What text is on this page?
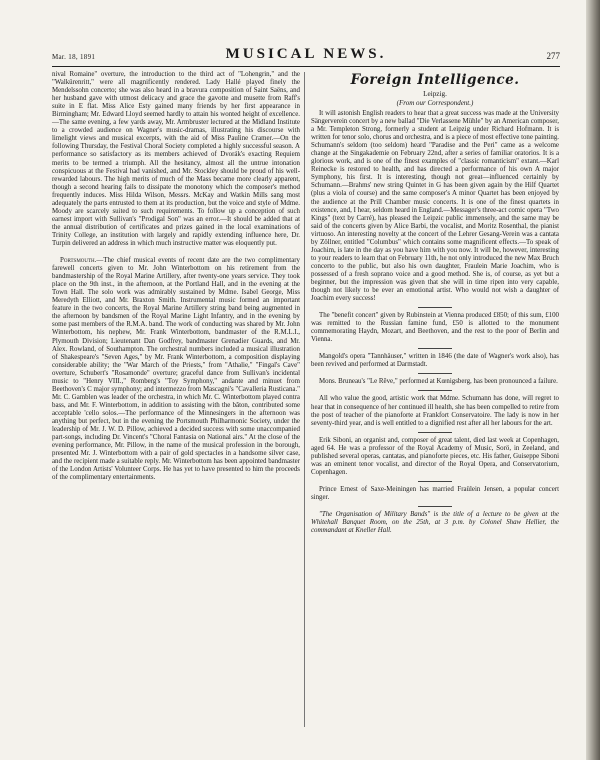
Mar. 18, 1891	MUSICAL NEWS.	277

nival Romaine" overture, the introduction to the third act of "Lohengrin," and the "Walkürenritt," were all magnificently rendered. Lady Hallé played finely the Mendelssohn concerto; she was also heard in a bravura composition of Saint Saëns, and her husband gave with utmost delicacy and grace the gavotte and musette from Raff's suite in E flat. Miss Alice Esty gained many friends by her first appearance in Birmingham; Mr. Edward Lloyd seemed hardly to attain his wonted height of excellence.—The same evening, a few yards away, Mr. Armbruster lectured at the Midland Institute to a crowded audience on Wagner's music-dramas, illustrating his discourse with limelight views and musical excerpts, with the aid of Miss Pauline Cramer.—On the following Thursday, the Festival Choral Society completed a highly successful season. A performance so satisfactory as its members achieved of Dvorák's exacting Requiem merits to be termed a triumph. All the hesitancy, almost all the untrue intonation conspicuous at the Festival had vanished, and Mr. Stockley should be proud of his well-rewarded labours. The high merits of much of the Mass became more clearly apparent, though a second hearing fails to dissipate the monotony which the composer's method frequently induces. Miss Hilda Wilson, Messrs. McKay and Watkin Mills sang most adequately the parts entrusted to them at its production, but the voice and style of Mdme. Moody are scarcely suited to such requirements. To follow up a conception of such earnest import with Sullivan's "Prodigal Son" was an error.—It should be added that at the annual distribution of certificates and prizes gained in the local examinations of Trinity College, an institution with largely and rapidly extending influence here, Dr. Turpin delivered an address in which much instructive matter was eloquently put.

Portsmouth.—The chief musical events of recent date are the two complimentary farewell concerts given to Mr. John Winterbottom on his retirement from the bandmastership of the Royal Marine Artillery, after twenty-one years service. They took place on the 9th inst., in the afternoon, at the Portland Hall, and in the evening at the Town Hall. The solo work was admirably sustained by Mdme. Isabel George, Miss Meredyth Elliott, and Mr. Braxton Smith. Instrumental music formed an important feature in the two concerts, the Royal Marine Artillery string band being augmented in the afternoon by bandsmen of the Royal Marine Light Infantry, and in the evening by some past members of the R.M.A. band. The work of conducting was shared by Mr. John Winterbottom, his nephew, Mr. Frank Winterbottom, bandmaster of the R.M.L.I., Plymouth Division; Lieutenant Dan Godfrey, bandmaster Grenadier Guards, and Mr. Alex. Rowland, of Southampton. The orchestral numbers included a musical illustration of Shakespeare's "Seven Ages," by Mr. Frank Winterbottom, a composition displaying considerable ability; the "War March of the Priests," from "Athalie," "Fingal's Cave" overture, Schubert's "Rosamonde" overture; graceful dance from Sullivan's incidental music to "Henry VIII.," Romberg's "Toy Symphony," andante and minuet from Beethoven's C major symphony; and intermezzo from Mascagni's "Cavalleria Rusticana." Mr. C. Gamblen was leader of the orchestra, in which Mr. C. Winterbottom played contra bass, and Mr. F. Winterbottom, in addition to assisting with the bâton, contributed some acceptable 'cello solos.—The performance of the Minnesingers in the afternoon was anything but perfect, but in the evening the Portsmouth Philharmonic Society, under the leadership of Mr. J. W. D. Pillow, achieved a decided success with some unaccompanied part-songs, including Dr. Vincent's "Choral Fantasia on National airs." At the close of the evening performance, Mr. Pillow, in the name of the musical profession in the borough, presented Mr. J. Winterbottom with a pair of gold spectacles in a handsome silver case, and the recipient made a suitable reply. Mr. Winterbottom has been appointed bandmaster of the London Artists' Volunteer Corps. He has yet to have presented to him the proceeds of the complimentary entertainments.

Foreign Intelligence.
Leipzig.
(From our Correspondent.)

It will astonish English readers to hear that a great success was made at the University Sängerverein concert by a new ballad "Die Verlassene Mühle" by an American composer, a Mr. Templeton Strong, formerly a student at Leipzig under Richard Hofmann. It is written for tenor solo, chorus and orchestra, and is a piece of most effective tone painting. Schumann's seldom (too seldom) heard "Paradise and the Peri" came as a welcome change at the Singakademie on February 22nd, after a series of familiar oratorios. It is a glorious work, and is one of the finest examples of "classic romanticism" extant.—Karl Reinecke is restored to health, and has directed a performance of his own A major Symphony, his first. It is interesting, though not great—influenced certainly by Schumann.—Brahms' new string Quintet in G has been given again by the Hilf Quartet (plus a viola of course) and the same composer's A minor Quartet has been enjoyed by the audience at the Prill Chamber music concerts. It is one of the finest quartets in existence, and, I hear, seldom heard in England.—Messager's three-act comic opera "Two Kings" (text by Carré), has pleased the Leipzic public immensely, and the same may be said of the concerts given by Alice Barbi, the vocalist, and Moritz Rosenthal, the pianist virtuoso. An interesting novelty at the concert of the Lehrer Gesang-Verein was a cantata by Zöllner, entitled "Columbus" which contains some magnificent effects.—To speak of Joachim, is late in the day as you have him with you now. It will be, however, interesting to your readers to learn that on February 11th, he not only introduced the new Max Bruch concerto to the public, but also his own daughter, Fraulein Marie Joachim, who is possessed of a fresh soprano voice and a good method. She is, of course, as yet but a beginner, but the impression was given that she will in time ripen into very capable, though not likely to be ever an emotional artist. Who would not wish a daughter of Joachim every success!

The "benefit concert" given by Rubinstein at Vienna produced £850; of this sum, £100 was remitted to the Russian famine fund, £50 is allotted to the monument commemorating Haydn, Mozart, and Beethoven, and the rest to the poor of Berlin and Vienna.

Mangold's opera "Tannhäuser," written in 1846 (the date of Wagner's work also), has been revived and performed at Darmstadt.

Mons. Bruneau's "Le Rêve," performed at Kœnigsberg, has been pronounced a failure.

All who value the good, artistic work that Mdme. Schumann has done, will regret to hear that in consequence of her continued ill health, she has been compelled to retire from the post of teacher of the pianoforte at Frankfort Conservatoire. The lady is now in her seventy-third year, and is well entitled to a dignified rest after all her labours for the art.

Erik Siboni, an organist and, composer of great talent, died last week at Copenhagen, aged 64. He was a professor of the Royal Academy of Music, Sorö, in Zeeland, and published several operas, cantatas, and pianoforte pieces, etc. His father, Guiseppe Siboni was an eminent tenor vocalist, and director of the Royal Opera, and Conservatorium, Copenhagen.

Prince Ernest of Saxe-Meiningen has married Fraülein Jensen, a popular concert singer.

"The Organisation of Military Bands" is the title of a lecture to be given at the Whitehall Banquet Room, on the 25th, at 3 p.m. by Colonel Shaw Hellier, the commandant at Kneller Hall.
